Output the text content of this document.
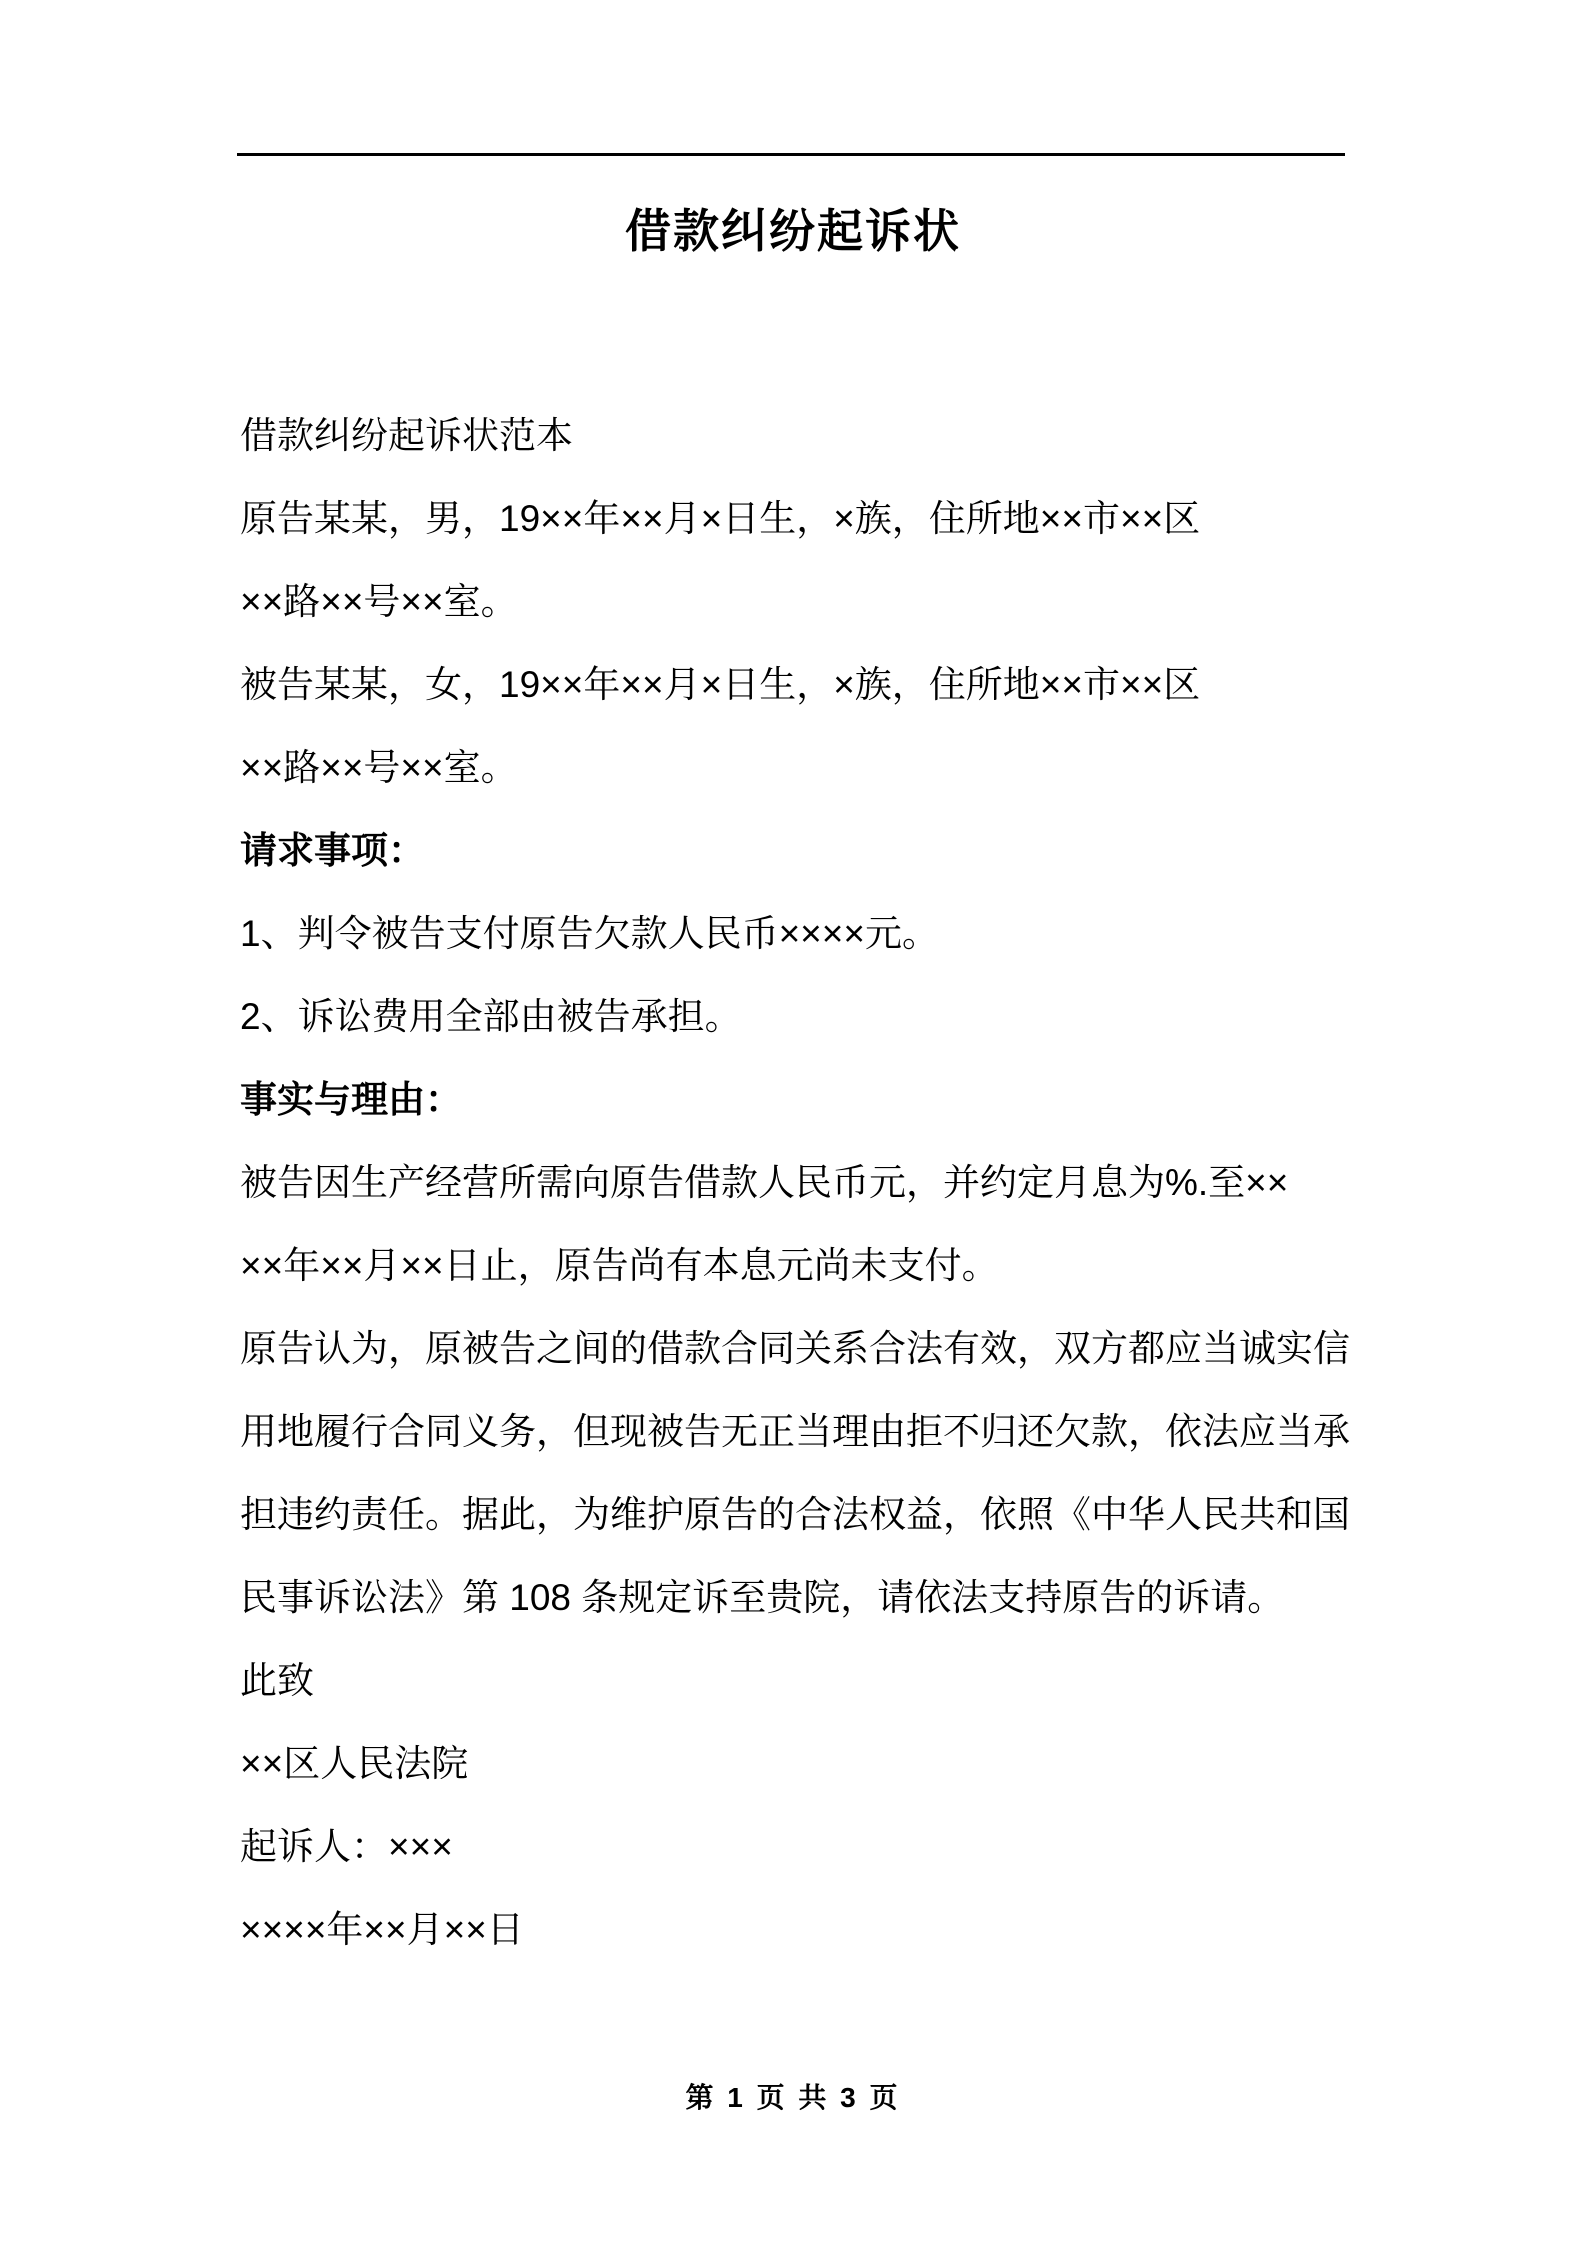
借款纠纷起诉状
借款纠纷起诉状范本
原告某某，男，19××年××月×日生，×族，住所地××市××区
××路××号××室。
被告某某，女，19××年××月×日生，×族，住所地××市××区
××路××号××室。
请求事项：
1、判令被告支付原告欠款人民币××××元。
2、诉讼费用全部由被告承担。
事实与理由：
被告因生产经营所需向原告借款人民币元，并约定月息为%.至××
××年××月××日止，原告尚有本息元尚未支付。
原告认为，原被告之间的借款合同关系合法有效，双方都应当诚实信
用地履行合同义务，但现被告无正当理由拒不归还欠款，依法应当承
担违约责任。据此，为维护原告的合法权益，依照《中华人民共和国
民事诉讼法》第 108 条规定诉至贵院，请依法支持原告的诉请。
此致
××区人民法院
起诉人：×××
××××年××月××日
第 1 页 共 3 页
